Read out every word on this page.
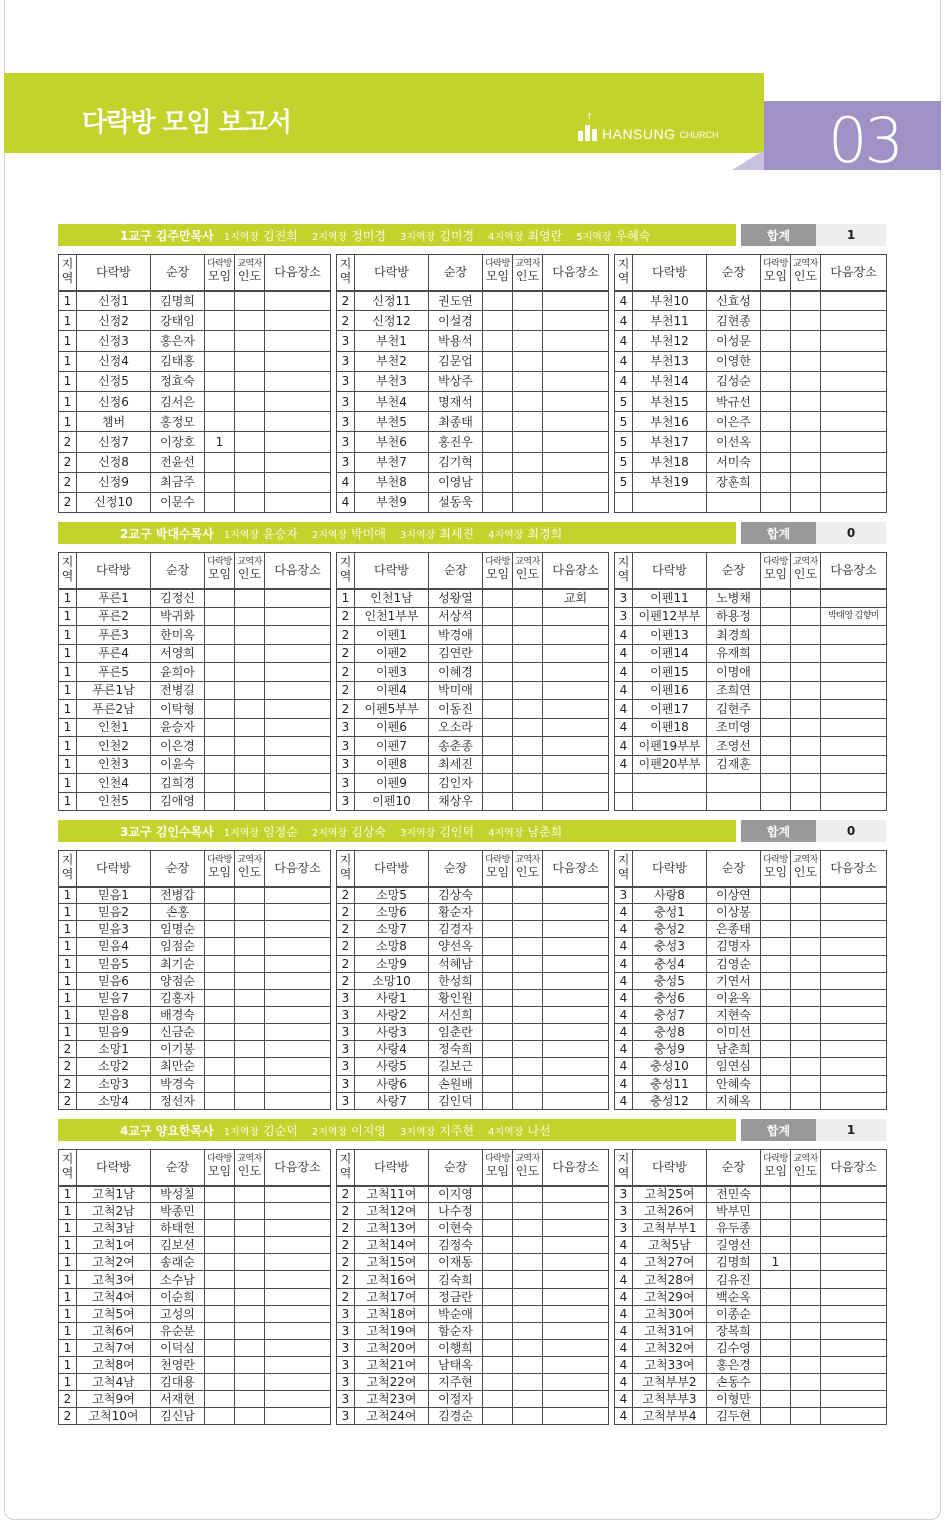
다락방 모임 보고서	†
HANSUNG CHURCH 03
1교구 김주만목사 1지역장 김진희 2지역장 정미경 3지역장 김미경 4지역장 최영란 5지역장 우혜숙	합계	1
지역	다락방	순장	다락방
모임	교역자
인도	다음장소
1	신정1	김명희			
1	신정2	강태임			
1	신정3	홍은자			
1	신정4	김태홍			
1	신정5	정효숙			
1	신정6	김서은			
1	챔버	홍정모			
2	신정7	이장호	1		
2	신정8	전윤선			
2	신정9	최금주			
2	신정10	이문수			
지역	다락방	순장	다락방
모임	교역자
인도	다음장소
2	신정11	권도연			
2	신정12	이설경			
3	부천1	박용석			
3	부천2	김문업			
3	부천3	박상주			
3	부천4	명재석			
3	부천5	최종태			
3	부천6	홍진우			
3	부천7	김기혁			
4	부천8	이영남			
4	부천9	설동욱			
지역	다락방	순장	다락방
모임	교역자
인도	다음장소
4	부천10	신효성			
4	부천11	김현종			
4	부천12	이성문			
4	부천13	이영한			
4	부천14	김성순			
5	부천15	박규선			
5	부천16	이은주			
5	부천17	이선옥			
5	부천18	서미숙			
5	부천19	장훈희			

2교구 박대수목사 1지역장 윤승자 2지역장 박미애 3지역장 최세진 4지역장 최경희	합계	0
지역	다락방	순장	다락방
모임	교역자
인도	다음장소
1	푸른1	김정신			
1	푸른2	박귀화			
1	푸른3	한미옥			
1	푸른4	서영희			
1	푸른5	윤희아			
1	푸른1남	전병길			
1	푸른2남	이탁형			
1	인천1	윤승자			
1	인천2	이은경			
1	인천3	이윤숙			
1	인천4	김희경			
1	인천5	김애영			
지역	다락방	순장	다락방
모임	교역자
인도	다음장소
1	인천1남	성왕열			교회
2	인천1부부	서상석			
2	이펜1	박경애			
2	이펜2	김연란			
2	이펜3	이혜경			
2	이펜4	박미애			
2	이펜5부부	이동진			
3	이펜6	오소라			
3	이펜7	송춘종			
3	이펜8	최세진			
3	이펜9	김인자			
3	이펜10	채상우			
지역	다락방	순장	다락방
모임	교역자
인도	다음장소
3	이펜11	노병채			
3	이펜12부부	하용정			박태영 김향미
4	이펜13	최경희			
4	이펜14	유재희			
4	이펜15	이명애			
4	이펜16	조희연			
4	이펜17	김현주			
4	이펜18	조미영			
4	이펜19부부	조영선			
4	이펜20부부	김재훈			

3교구 김인수목사 1지역장 임정순 2지역장 김상숙 3지역장 김인덕 4지역장 남춘희	합계	0
지역	다락방	순장	다락방
모임	교역자
인도	다음장소
1	믿음1	전병갑			
1	믿음2	손홍			
1	믿음3	임명순			
1	믿음4	임점순			
1	믿음5	최기순			
1	믿음6	양점순			
1	믿음7	김홍자			
1	믿음8	배경숙			
1	믿음9	신금순			
2	소망1	이기봉			
2	소망2	최만순			
2	소망3	박경숙			
2	소망4	정선자			
지역	다락방	순장	다락방
모임	교역자
인도	다음장소
2	소망5	김상숙			
2	소망6	황순자			
2	소망7	김경자			
2	소망8	양선옥			
2	소망9	석혜남			
2	소망10	한성희			
3	사랑1	황인원			
3	사랑2	서신희			
3	사랑3	임춘란			
3	사랑4	정숙희			
3	사랑5	길보근			
3	사랑6	손원배			
3	사랑7	김인덕			
지역	다락방	순장	다락방
모임	교역자
인도	다음장소
3	사랑8	이상연			
4	충성1	이상봉			
4	충성2	은종태			
4	충성3	김명자			
4	충성4	김영순			
4	충성5	기연서			
4	충성6	이윤옥			
4	충성7	지현숙			
4	충성8	이미선			
4	충성9	남춘희			
4	충성10	임연심			
4	충성11	안혜숙			
4	충성12	지혜옥			
4교구 양요한목사 1지역장 김순덕 2지역장 이지영 3지역장 지주현 4지역장 나선	합계	1
지역	다락방	순장	다락방
모임	교역자
인도	다음장소
1	고척1남	박성칠			
1	고척2남	박종민			
1	고척3남	하태헌			
1	고척1여	김보선			
1	고척2여	송래순			
1	고척3여	소수남			
1	고척4여	이순희			
1	고척5여	고성의			
1	고척6여	유순분			
1	고척7여	이덕심			
1	고척8여	천영란			
1	고척4남	김대용			
2	고척9여	서재현			
2	고척10여	김신남			
지역	다락방	순장	다락방
모임	교역자
인도	다음장소
2	고척11여	이지영			
2	고척12여	나수정			
2	고척13여	이현숙			
2	고척14여	김정숙			
2	고척15여	이재동			
2	고척16여	김숙희			
2	고척17여	정금란			
3	고척18여	박순애			
3	고척19여	함순자			
3	고척20여	이행희			
3	고척21여	남태옥			
3	고척22여	지주현			
3	고척23여	이정자			
3	고척24여	김경순			
지역	다락방	순장	다락방
모임	교역자
인도	다음장소
3	고척25여	전민숙			
3	고척26여	박부민			
3	고척부부1	유두종			
4	고척5남	길영선			
4	고척27여	김명희	1		
4	고척28여	김유진			
4	고척29여	백순옥			
4	고척30여	이종순			
4	고척31여	장복희			
4	고척32여	김수영			
4	고척33여	홍은경			
4	고척부부2	손동수			
4	고척부부3	이형만			
4	고척부부4	김두현			
